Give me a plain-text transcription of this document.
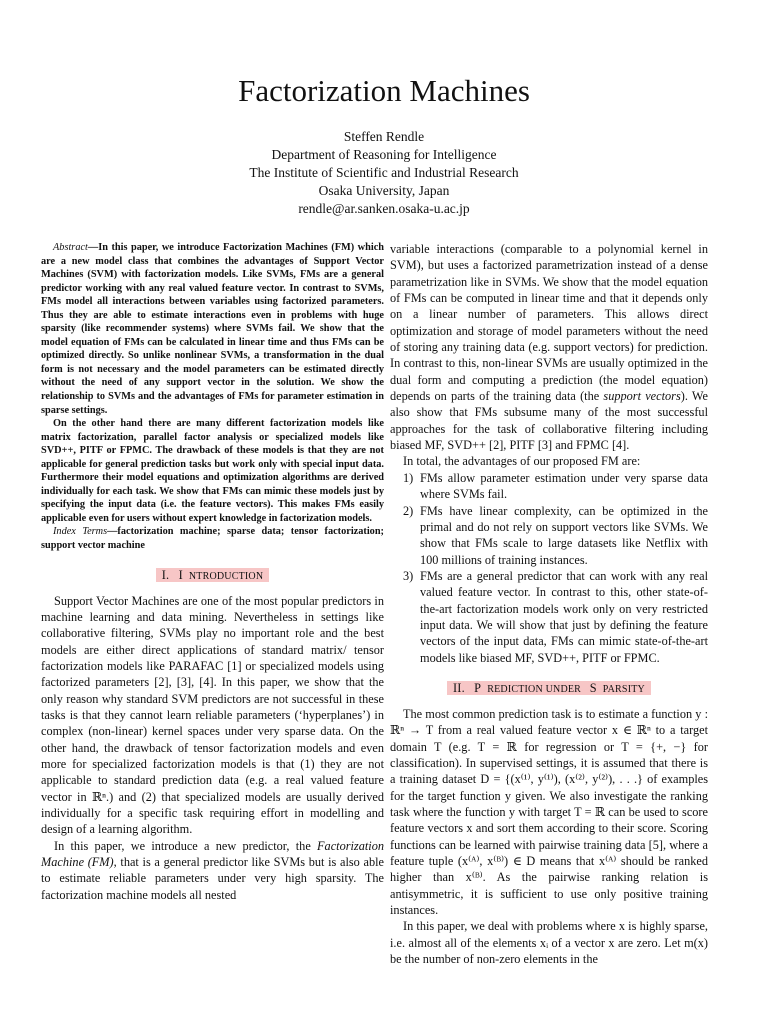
Factorization Machines
Steffen Rendle
Department of Reasoning for Intelligence
The Institute of Scientific and Industrial Research
Osaka University, Japan
rendle@ar.sanken.osaka-u.ac.jp

Abstract—In this paper, we introduce Factorization Machines (FM) which are a new model class that combines the advantages of Support Vector Machines (SVM) with factorization models. Like SVMs, FMs are a general predictor working with any real valued feature vector. In contrast to SVMs, FMs model all interactions between variables using factorized parameters. Thus they are able to estimate interactions even in problems with huge sparsity (like recommender systems) where SVMs fail. We show that the model equation of FMs can be calculated in linear time and thus FMs can be optimized directly. So unlike nonlinear SVMs, a transformation in the dual form is not necessary and the model parameters can be estimated directly without the need of any support vector in the solution. We show the relationship to SVMs and the advantages of FMs for parameter estimation in sparse settings.

On the other hand there are many different factorization models like matrix factorization, parallel factor analysis or specialized models like SVD++, PITF or FPMC. The drawback of these models is that they are not applicable for general prediction tasks but work only with special input data. Furthermore their model equations and optimization algorithms are derived individually for each task. We show that FMs can mimic these models just by specifying the input data (i.e. the feature vectors). This makes FMs easily applicable even for users without expert knowledge in factorization models.

Index Terms—factorization machine; sparse data; tensor factorization; support vector machine

I. I NTRODUCTION

Support Vector Machines are one of the most popular predictors in machine learning and data mining. Nevertheless in settings like collaborative filtering, SVMs play no important role and the best models are either direct applications of standard matrix/ tensor factorization models like PARAFAC [1] or specialized models using factorized parameters [2], [3], [4]. In this paper, we show that the only reason why standard SVM predictors are not successful in these tasks is that they cannot learn reliable parameters (‘hyperplanes’) in complex (non-linear) kernel spaces under very sparse data. On the other hand, the drawback of tensor factorization models and even more for specialized factorization models is that (1) they are not applicable to standard prediction data (e.g. a real valued feature vector in ℝⁿ.) and (2) that specialized models are usually derived individually for a specific task requiring effort in modelling and design of a learning algorithm.

In this paper, we introduce a new predictor, the Factorization Machine (FM), that is a general predictor like SVMs but is also able to estimate reliable parameters under very high sparsity. The factorization machine models all nested

variable interactions (comparable to a polynomial kernel in SVM), but uses a factorized parametrization instead of a dense parametrization like in SVMs. We show that the model equation of FMs can be computed in linear time and that it depends only on a linear number of parameters. This allows direct optimization and storage of model parameters without the need of storing any training data (e.g. support vectors) for prediction. In contrast to this, non-linear SVMs are usually optimized in the dual form and computing a prediction (the model equation) depends on parts of the training data (the support vectors). We also show that FMs subsume many of the most successful approaches for the task of collaborative filtering including biased MF, SVD++ [2], PITF [3] and FPMC [4].

In total, the advantages of our proposed FM are:

1) FMs allow parameter estimation under very sparse data where SVMs fail.
2) FMs have linear complexity, can be optimized in the primal and do not rely on support vectors like SVMs. We show that FMs scale to large datasets like Netflix with 100 millions of training instances.
3) FMs are a general predictor that can work with any real valued feature vector. In contrast to this, other state-of-the-art factorization models work only on very restricted input data. We will show that just by defining the feature vectors of the input data, FMs can mimic state-of-the-art models like biased MF, SVD++, PITF or FPMC.
II. P REDICTION UNDER S PARSITY

The most common prediction task is to estimate a function y : ℝⁿ → T from a real valued feature vector x ∈ ℝⁿ to a target domain T (e.g. T = ℝ for regression or T = {+, −} for classification). In supervised settings, it is assumed that there is a training dataset D = {(x⁽¹⁾, y⁽¹⁾), (x⁽²⁾, y⁽²⁾), . . .} of examples for the target function y given. We also investigate the ranking task where the function y with target T = ℝ can be used to score feature vectors x and sort them according to their score. Scoring functions can be learned with pairwise training data [5], where a feature tuple (x⁽ᴬ⁾, x⁽ᴮ⁾) ∈ D means that x⁽ᴬ⁾ should be ranked higher than x⁽ᴮ⁾. As the pairwise ranking relation is antisymmetric, it is sufficient to use only positive training instances.

In this paper, we deal with problems where x is highly sparse, i.e. almost all of the elements xᵢ of a vector x are zero. Let m(x) be the number of non-zero elements in the
